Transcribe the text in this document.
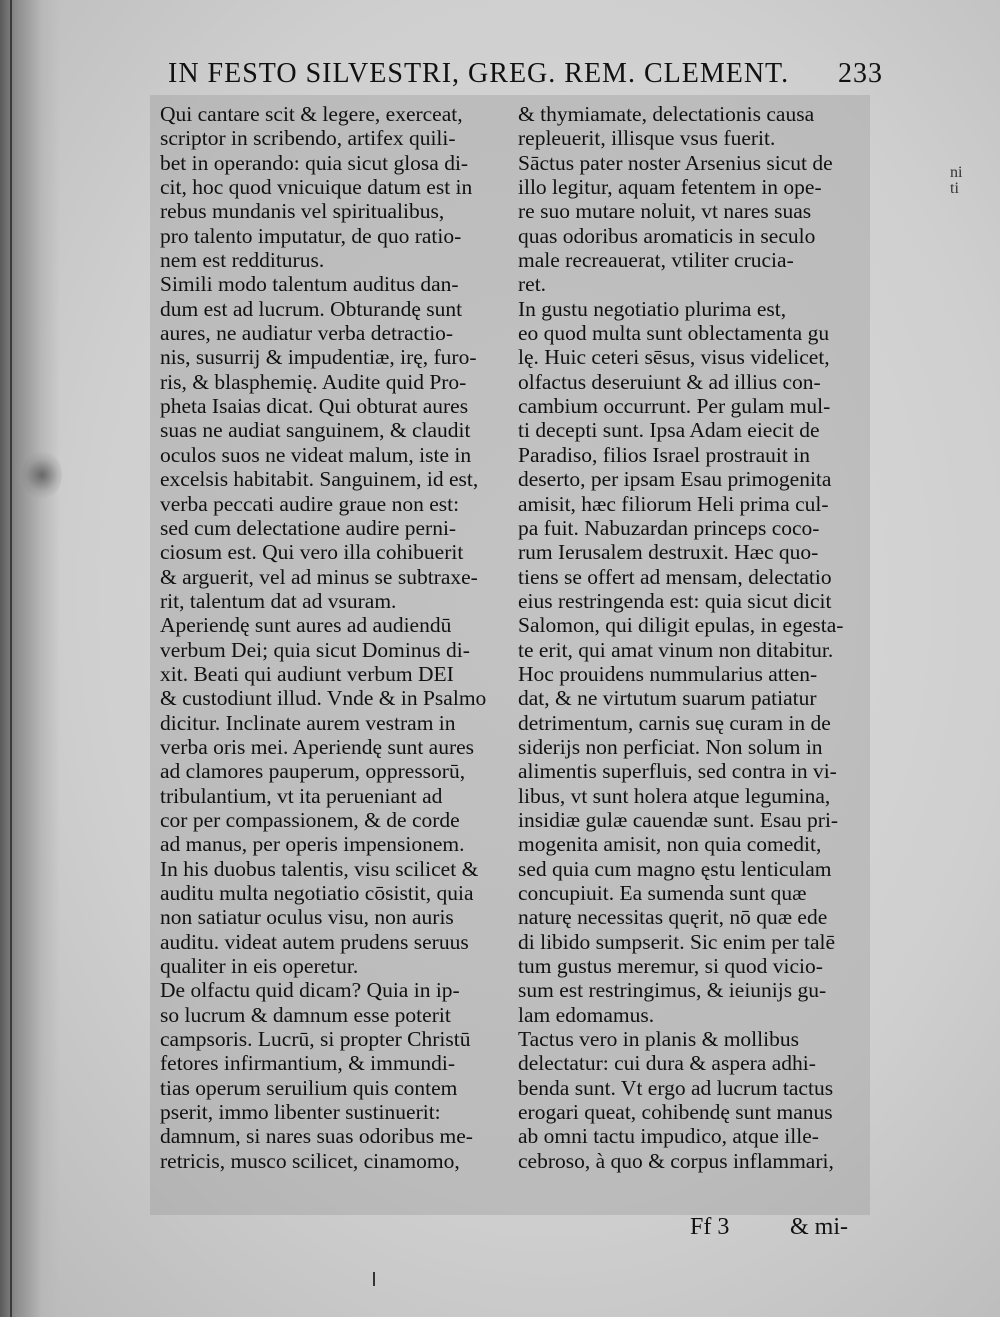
IN FESTO SILVESTRI, GREG. REM. CLEMENT. 233
Qui cantare scit & legere, exerceat,
scriptor in scribendo, artifex quili-
bet in operando: quia sicut glosa di-
cit, hoc quod vnicuique datum est in
rebus mundanis vel spiritualibus,
pro talento imputatur, de quo ratio-
nem est redditurus.
Simili modo talentum auditus dan-
dum est ad lucrum. Obturandę sunt
aures, ne audiatur verba detractio-
nis, susurrij & impudentiæ, irę, furo-
ris, & blasphemię. Audite quid Pro-
pheta Isaias dicat. Qui obturat aures
suas ne audiat sanguinem, & claudit
oculos suos ne videat malum, iste in
excelsis habitabit. Sanguinem, id est,
verba peccati audire graue non est:
sed cum delectatione audire perni-
ciosum est. Qui vero illa cohibuerit
& arguerit, vel ad minus se subtraxe-
rit, talentum dat ad vsuram.
Aperiendę sunt aures ad audiendū
verbum Dei; quia sicut Dominus di-
xit. Beati qui audiunt verbum DEI
& custodiunt illud. Vnde & in Psalmo
dicitur. Inclinate aurem vestram in
verba oris mei. Aperiendę sunt aures
ad clamores pauperum, oppressorū,
tribulantium, vt ita perueniant ad
cor per compassionem, & de corde
ad manus, per operis impensionem.
In his duobus talentis, visu scilicet &
auditu multa negotiatio cōsistit, quia
non satiatur oculus visu, non auris
auditu. videat autem prudens seruus
qualiter in eis operetur.
De olfactu quid dicam? Quia in ip-
so lucrum & damnum esse poterit
campsoris. Lucrū, si propter Christū
fetores infirmantium, & immundi-
tias operum seruilium quis contem
pserit, immo libenter sustinuerit:
damnum, si nares suas odoribus me-
retricis, musco scilicet, cinamomo,
& thymiamate, delectationis causa
repleuerit, illisque vsus fuerit.
Sāctus pater noster Arsenius sicut de
illo legitur, aquam fetentem in ope-
re suo mutare noluit, vt nares suas
quas odoribus aromaticis in seculo
male recreauerat, vtiliter crucia-
ret.
In gustu negotiatio plurima est,
eo quod multa sunt oblectamenta gu
lę. Huic ceteri sēsus, visus videlicet,
olfactus deseruiunt & ad illius con-
cambium occurrunt. Per gulam mul-
ti decepti sunt. Ipsa Adam eiecit de
Paradiso, filios Israel prostrauit in
deserto, per ipsam Esau primogenita
amisit, hæc filiorum Heli prima cul-
pa fuit. Nabuzardan princeps coco-
rum Ierusalem destruxit. Hæc quo-
tiens se offert ad mensam, delectatio
eius restringenda est: quia sicut dicit
Salomon, qui diligit epulas, in egesta-
te erit, qui amat vinum non ditabitur.
Hoc prouidens nummularius atten-
dat, & ne virtutum suarum patiatur
detrimentum, carnis suę curam in de
siderijs non perficiat. Non solum in
alimentis superfluis, sed contra in vi-
libus, vt sunt holera atque legumina,
insidiæ gulæ cauendæ sunt. Esau pri-
mogenita amisit, non quia comedit,
sed quia cum magno ęstu lenticulam
concupiuit. Ea sumenda sunt quæ
naturę necessitas quęrit, nō quæ ede
di libido sumpserit. Sic enim per talē
tum gustus meremur, si quod vicio-
sum est restringimus, & ieiunijs gu-
lam edomamus.
Tactus vero in planis & mollibus
delectatur: cui dura & aspera adhi-
benda sunt. Vt ergo ad lucrum tactus
erogari queat, cohibendę sunt manus
ab omni tactu impudico, atque ille-
cebroso, à quo & corpus inflammari,
ni
ti
Ff 3	& mi-
